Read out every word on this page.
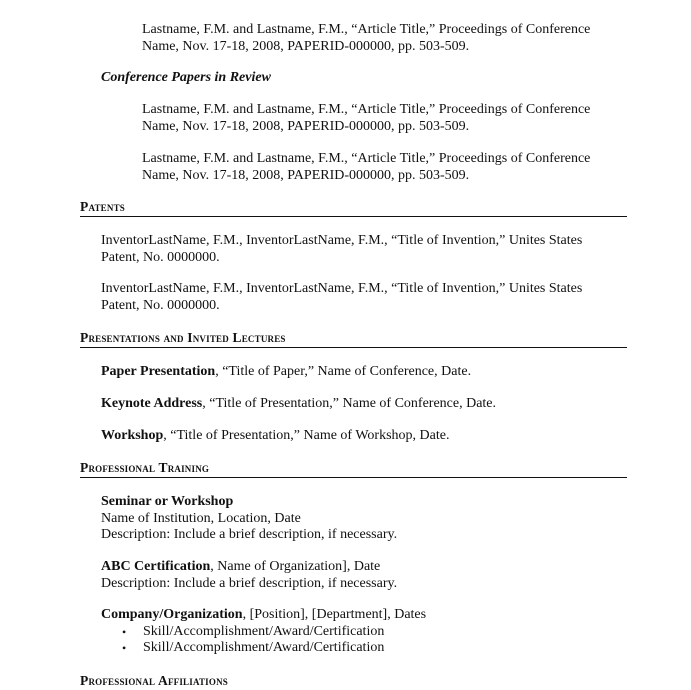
Lastname, F.M. and Lastname, F.M., “Article Title,” Proceedings of Conference
Name, Nov. 17-18, 2008, PAPERID-000000, pp. 503-509.
Conference Papers in Review
Lastname, F.M. and Lastname, F.M., “Article Title,” Proceedings of Conference
Name, Nov. 17-18, 2008, PAPERID-000000, pp. 503-509.
Lastname, F.M. and Lastname, F.M., “Article Title,” Proceedings of Conference
Name, Nov. 17-18, 2008, PAPERID-000000, pp. 503-509.
Patents
InventorLastName, F.M., InventorLastName, F.M., “Title of Invention,” Unites States
Patent, No. 0000000.
InventorLastName, F.M., InventorLastName, F.M., “Title of Invention,” Unites States
Patent, No. 0000000.
Presentations and Invited Lectures
Paper Presentation, “Title of Paper,” Name of Conference, Date.
Keynote Address, “Title of Presentation,” Name of Conference, Date.
Workshop, “Title of Presentation,” Name of Workshop, Date.
Professional Training
Seminar or Workshop
Name of Institution, Location, Date
Description: Include a brief description, if necessary.
ABC Certification, Name of Organization], Date
Description: Include a brief description, if necessary.
Company/Organization, [Position], [Department], Dates
• Skill/Accomplishment/Award/Certification
• Skill/Accomplishment/Award/Certification
Professional Affiliations
